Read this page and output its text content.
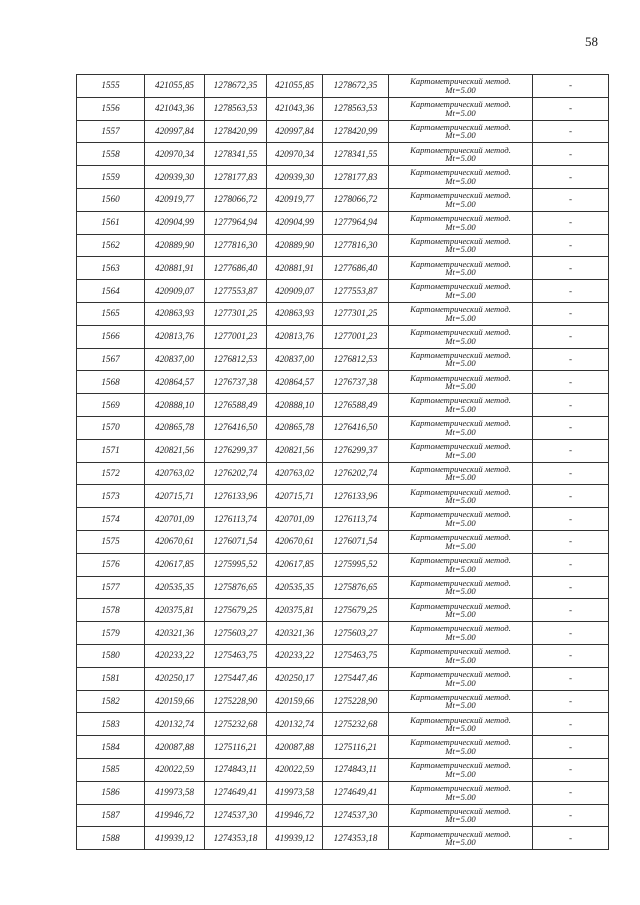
58
1555	421055,85	1278672,35	421055,85	1278672,35	Картометрический метод.
Mt=5.00	-
1556	421043,36	1278563,53	421043,36	1278563,53	Картометрический метод.
Mt=5.00	-
1557	420997,84	1278420,99	420997,84	1278420,99	Картометрический метод.
Mt=5.00	-
1558	420970,34	1278341,55	420970,34	1278341,55	Картометрический метод.
Mt=5.00	-
1559	420939,30	1278177,83	420939,30	1278177,83	Картометрический метод.
Mt=5.00	-
1560	420919,77	1278066,72	420919,77	1278066,72	Картометрический метод.
Mt=5.00	-
1561	420904,99	1277964,94	420904,99	1277964,94	Картометрический метод.
Mt=5.00	-
1562	420889,90	1277816,30	420889,90	1277816,30	Картометрический метод.
Mt=5.00	-
1563	420881,91	1277686,40	420881,91	1277686,40	Картометрический метод.
Mt=5.00	-
1564	420909,07	1277553,87	420909,07	1277553,87	Картометрический метод.
Mt=5.00	-
1565	420863,93	1277301,25	420863,93	1277301,25	Картометрический метод.
Mt=5.00	-
1566	420813,76	1277001,23	420813,76	1277001,23	Картометрический метод.
Mt=5.00	-
1567	420837,00	1276812,53	420837,00	1276812,53	Картометрический метод.
Mt=5.00	-
1568	420864,57	1276737,38	420864,57	1276737,38	Картометрический метод.
Mt=5.00	-
1569	420888,10	1276588,49	420888,10	1276588,49	Картометрический метод.
Mt=5.00	-
1570	420865,78	1276416,50	420865,78	1276416,50	Картометрический метод.
Mt=5.00	-
1571	420821,56	1276299,37	420821,56	1276299,37	Картометрический метод.
Mt=5.00	-
1572	420763,02	1276202,74	420763,02	1276202,74	Картометрический метод.
Mt=5.00	-
1573	420715,71	1276133,96	420715,71	1276133,96	Картометрический метод.
Mt=5.00	-
1574	420701,09	1276113,74	420701,09	1276113,74	Картометрический метод.
Mt=5.00	-
1575	420670,61	1276071,54	420670,61	1276071,54	Картометрический метод.
Mt=5.00	-
1576	420617,85	1275995,52	420617,85	1275995,52	Картометрический метод.
Mt=5.00	-
1577	420535,35	1275876,65	420535,35	1275876,65	Картометрический метод.
Mt=5.00	-
1578	420375,81	1275679,25	420375,81	1275679,25	Картометрический метод.
Mt=5.00	-
1579	420321,36	1275603,27	420321,36	1275603,27	Картометрический метод.
Mt=5.00	-
1580	420233,22	1275463,75	420233,22	1275463,75	Картометрический метод.
Mt=5.00	-
1581	420250,17	1275447,46	420250,17	1275447,46	Картометрический метод.
Mt=5.00	-
1582	420159,66	1275228,90	420159,66	1275228,90	Картометрический метод.
Mt=5.00	-
1583	420132,74	1275232,68	420132,74	1275232,68	Картометрический метод.
Mt=5.00	-
1584	420087,88	1275116,21	420087,88	1275116,21	Картометрический метод.
Mt=5.00	-
1585	420022,59	1274843,11	420022,59	1274843,11	Картометрический метод.
Mt=5.00	-
1586	419973,58	1274649,41	419973,58	1274649,41	Картометрический метод.
Mt=5.00	-
1587	419946,72	1274537,30	419946,72	1274537,30	Картометрический метод.
Mt=5.00	-
1588	419939,12	1274353,18	419939,12	1274353,18	Картометрический метод.
Mt=5.00	-
